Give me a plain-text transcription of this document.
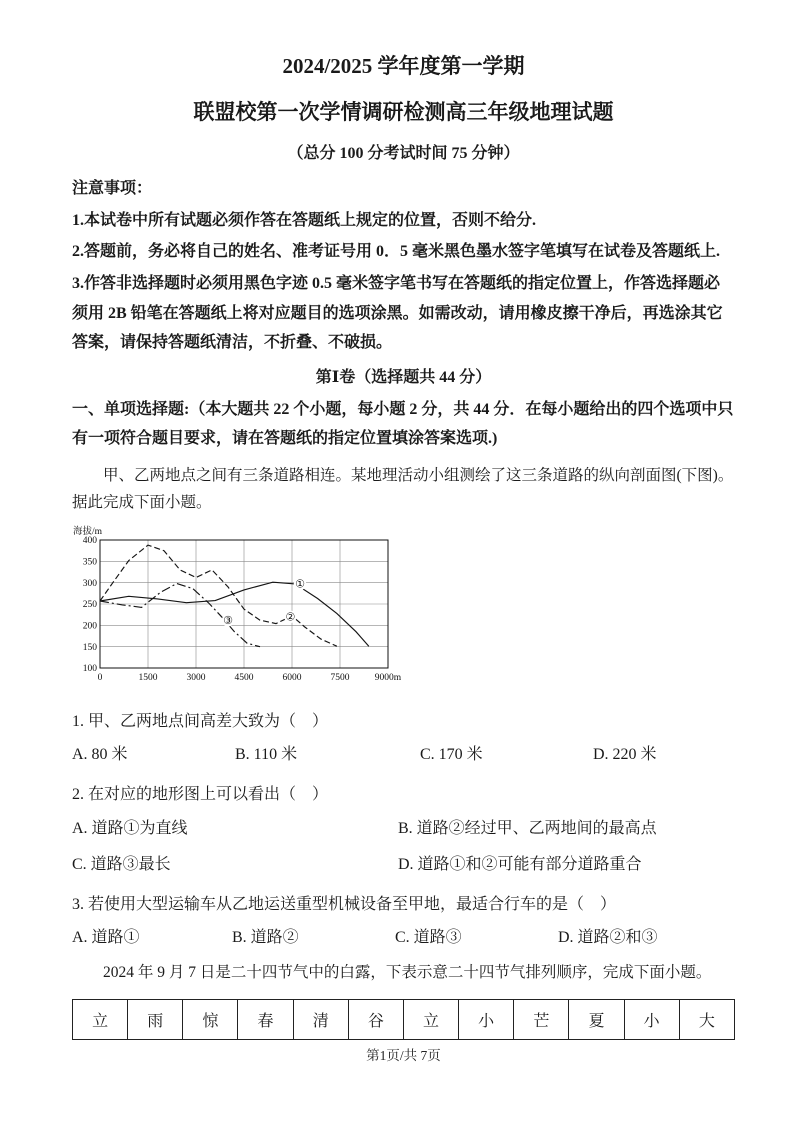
2024/2025 学年度第一学期
联盟校第一次学情调研检测高三年级地理试题
（总分 100 分考试时间 75 分钟）
注意事项：

1.本试卷中所有试题必须作答在答题纸上规定的位置，否则不给分.

2.答题前，务必将自己的姓名、准考证号用 0．5 毫米黑色墨水签字笔填写在试卷及答题纸上.

3.作答非选择题时必须用黑色字迹 0.5 毫米签字笔书写在答题纸的指定位置上，作答选择题必须用 2B 铅笔在答题纸上将对应题目的选项涂黑。如需改动，请用橡皮擦干净后，再选涂其它答案，请保持答题纸清洁，不折叠、不破损。

第Ⅰ卷（选择题共 44 分）

一、单项选择题:（本大题共 22 个小题，每小题 2 分，共 44 分．在每小题给出的四个选项中只有一项符合题目要求，请在答题纸的指定位置填涂答案选项.)

甲、乙两地点之间有三条道路相连。某地理活动小组测绘了这三条道路的纵向剖面图(下图)。据此完成下面小题。

100
150
200
250
300
350
400
0	1500	3000	4500	6000	7500	9000m
海拔/m
①
②
③

1. 甲、乙两地点间高差大致为（　）

A. 80 米	B. 110 米	C. 170 米	D. 220 米

2. 在对应的地形图上可以看出（　）

A. 道路①为直线	B. 道路②经过甲、乙两地间的最高点
C. 道路③最长	D. 道路①和②可能有部分道路重合

3. 若使用大型运输车从乙地运送重型机械设备至甲地，最适合行车的是（　）

A. 道路①	B. 道路②	C. 道路③	D. 道路②和③

2024 年 9 月 7 日是二十四节气中的白露，下表示意二十四节气排列顺序，完成下面小题。

立	雨	惊	春	清	谷	立	小	芒	夏	小	大
第1页/共 7页
